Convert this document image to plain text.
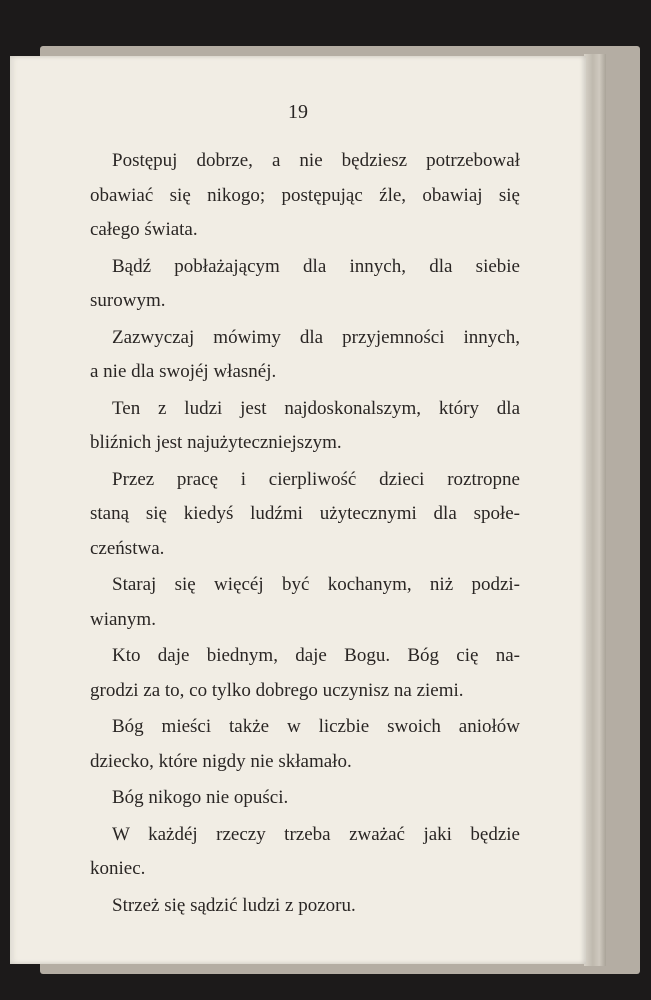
19

Postępuj dobrze, a nie będziesz potrzebował
obawiać się nikogo; postępując źle, obawiaj się
całego świata.

Bądź pobłażającym dla innych, dla siebie
surowym.

Zazwyczaj mówimy dla przyjemności innych,
a nie dla swojéj własnéj.

Ten z ludzi jest najdoskonalszym, który dla
bliźnich jest najużyteczniejszym.

Przez pracę i cierpliwość dzieci roztropne
staną się kiedyś ludźmi użytecznymi dla społe-
czeństwa.

Staraj się więcéj być kochanym, niż podzi-
wianym.

Kto daje biednym, daje Bogu. Bóg cię na-
grodzi za to, co tylko dobrego uczynisz na ziemi.

Bóg mieści także w liczbie swoich aniołów
dziecko, które nigdy nie skłamało.

Bóg nikogo nie opuści.

W każdéj rzeczy trzeba zważać jaki będzie
koniec.

Strzeż się sądzić ludzi z pozoru.
